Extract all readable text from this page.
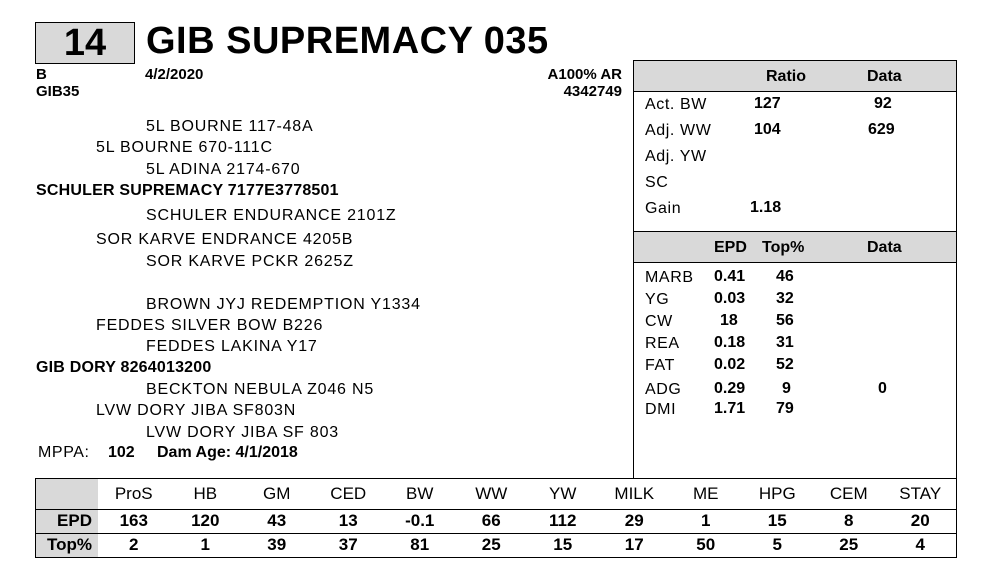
14	GIB SUPREMACY 035
B	4/2/2020
GIB35
A100% AR
4342749
5L BOURNE 117-48A
5L BOURNE 670-111C
5L ADINA 2174-670
SCHULER SUPREMACY 7177E3778501
SCHULER ENDURANCE 2101Z
SOR KARVE ENDRANCE 4205B
SOR KARVE PCKR 2625Z
BROWN JYJ REDEMPTION Y1334
FEDDES SILVER BOW B226
FEDDES LAKINA Y17
GIB DORY 8264013200
BECKTON NEBULA Z046 N5
LVW DORY JIBA SF803N
LVW DORY JIBA SF 803
MPPA: 102 Dam Age: 4/1/2018
Ratio	Data
Act. BW	127	92
Adj. WW	104	629
Adj. YW
SC
Gain	1.18
EPD Top%	Data
MARB 0.41 46
YG	0.03 32
CW	18 56
REA 0.18 31
FAT 0.02 52
ADG 0.29 9	0
DMI 1.71 79
	ProS	HB	GM	CED	BW	WW	YW	MILK	ME	HPG	CEM	STAY
EPD	163	120	43	13	-0.1	66	112	29	1	15	8	20
Top%	2	1	39	37	81	25	15	17	50	5	25	4
